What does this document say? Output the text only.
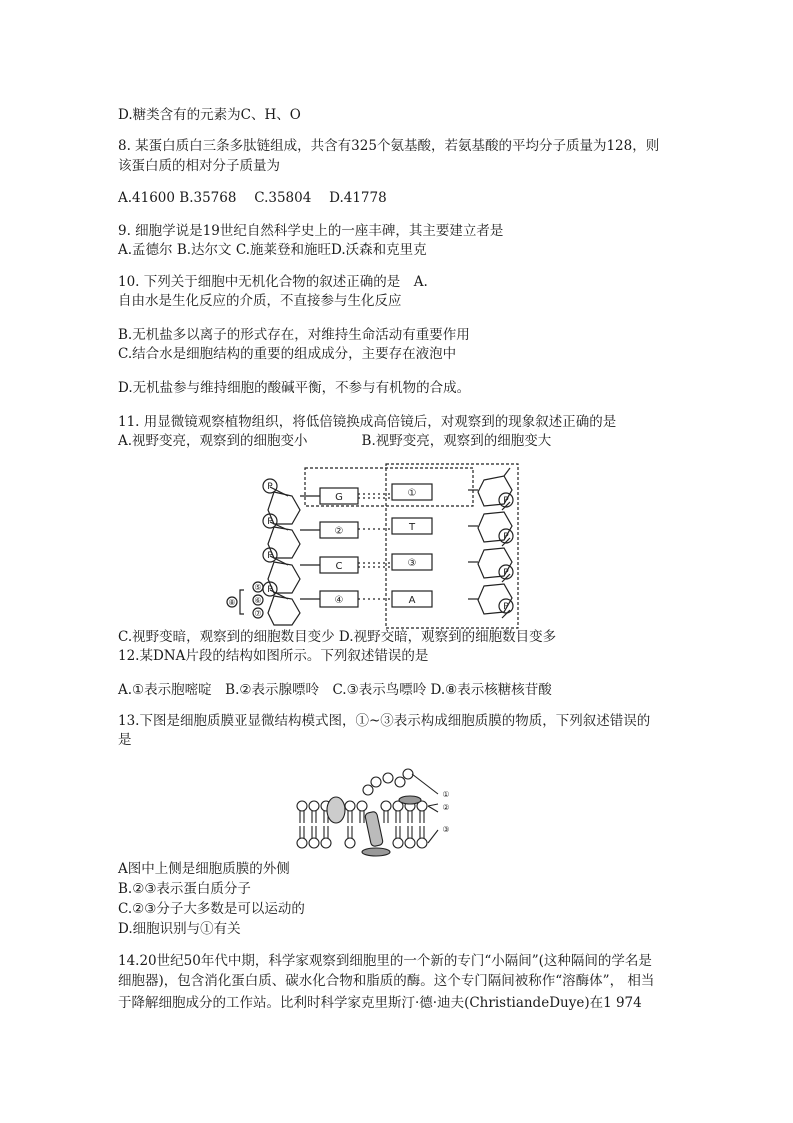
D.糖类含有的元素为C、H、O
8. 某蛋白质白三条多肽链组成，共含有325个氨基酸，若氨基酸的平均分子质量为128，则
该蛋白质的相对分子质量为
A.41600 B.35768　 C.35804　 D.41778
9. 细胞学说是19世纪自然科学史上的一座丰碑，其主要建立者是
A.孟德尔 B.达尔文 C.施莱登和施旺D.沃森和克里克
10. 下列关于细胞中无机化合物的叙述正确的是　A.
自由水是生化反应的介质，不直接参与生化反应
B.无机盐多以离子的形式存在，对维持生命活动有重要作用
C.结合水是细胞结构的重要的组成成分，主要存在液泡中
D.无机盐参与维持细胞的酸碱平衡，不参与有机物的合成。
11. 用显微镜观察植物组织，将低倍镜换成高倍镜后，对观察到的现象叙述正确的是
A.视野变亮，观察到的细胞变小　　　　B.视野变亮，观察到的细胞变大
P
P
P
P
P
P
P
P
G
②
C
④
①
T
③
A
⑤
⑥
⑦
⑧
C.视野变暗，观察到的细胞数目变少 D.视野交暗，观察到的细胞数目变多
12.某DNA片段的结构如图所示。下列叙述错误的是
A.①表示胞嘧啶　B.②表示腺嘌呤　C.③表示鸟嘌呤 D.⑧表示核糖核苷酸
13.下图是细胞质膜亚显微结构模式图，①~③表示构成细胞质膜的物质，下列叙述错误的
是
①
②
③
A图中上侧是细胞质膜的外侧
B.②③表示蛋白质分子
C.②③分子大多数是可以运动的
D.细胞识别与①有关
14.20世纪50年代中期，科学家观察到细胞里的一个新的专门“小隔间”(这种隔间的学名是
细胞器)，包含消化蛋白质、碳水化合物和脂质的酶。这个专门隔间被称作“溶酶体”， 相当
于降解细胞成分的工作站。比利时科学家克里斯汀·德·迪夫(ChristiandeDuye)在1 974
